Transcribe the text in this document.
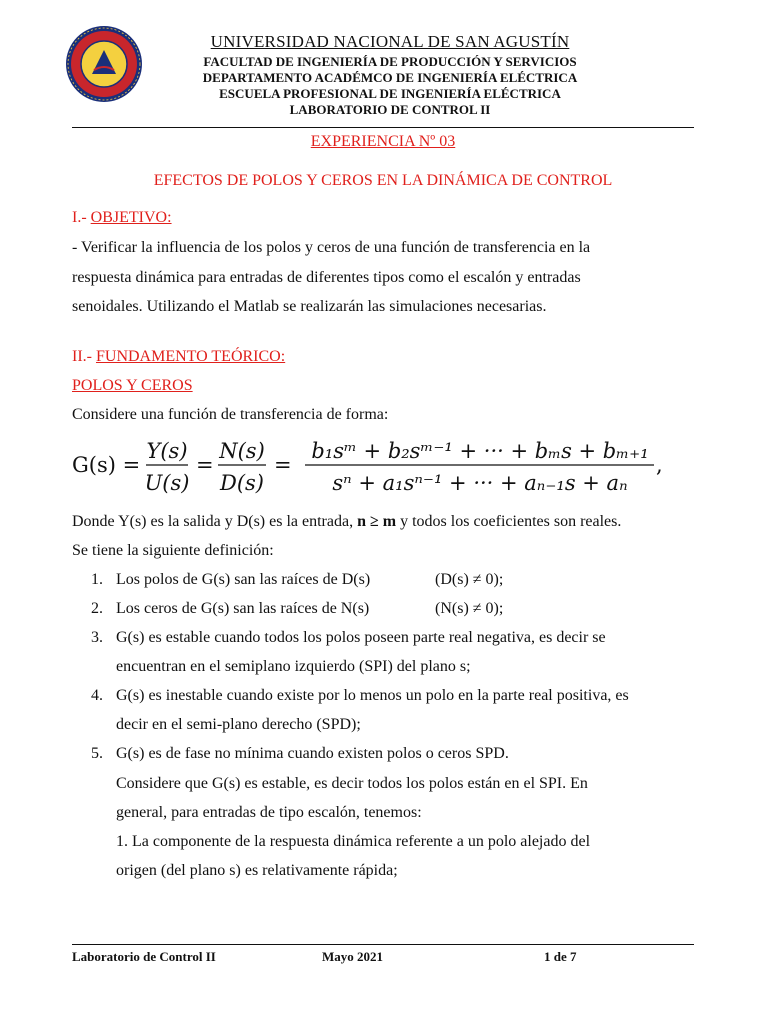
UNIVERSIDAD NACIONAL DE SAN AGUSTÍN
FACULTAD DE INGENIERÍA DE PRODUCCIÓN Y SERVICIOS
DEPARTAMENTO ACADÉMCO DE INGENIERÍA ELÉCTRICA
ESCUELA PROFESIONAL DE INGENIERÍA ELÉCTRICA
LABORATORIO DE CONTROL II
EXPERIENCIA Nº 03
EFECTOS DE POLOS Y CEROS EN LA DINÁMICA DE CONTROL
I.- OBJETIVO:
- Verificar la influencia de los polos y ceros de una función de transferencia en la
respuesta dinámica para entradas de diferentes tipos como el escalón y entradas
senoidales. Utilizando el Matlab se realizarán las simulaciones necesarias.
II.- FUNDAMENTO TEÓRICO:
POLOS Y CEROS
Considere una función de transferencia de forma:
G(s) =
Y(s)
U(s)
=
N(s)
D(s)
=
b₁sᵐ + b₂sᵐ⁻¹ + ··· + bₘs + bₘ₊₁
sⁿ + a₁sⁿ⁻¹ + ··· + aₙ₋₁s + aₙ
,
Donde Y(s) es la salida y D(s) es la entrada, n ≥ m y todos los coeficientes son reales.
Se tiene la siguiente definición:
1. Los polos de G(s) san las raíces de D(s)	(D(s) ≠ 0);
2. Los ceros de G(s) san las raíces de N(s)	(N(s) ≠ 0);
3. G(s) es estable cuando todos los polos poseen parte real negativa, es decir se
encuentran en el semiplano izquierdo (SPI) del plano s;
4. G(s) es inestable cuando existe por lo menos un polo en la parte real positiva, es
decir en el semi-plano derecho (SPD);
5. G(s) es de fase no mínima cuando existen polos o ceros SPD.
Considere que G(s) es estable, es decir todos los polos están en el SPI. En
general, para entradas de tipo escalón, tenemos:
1. La componente de la respuesta dinámica referente a un polo alejado del
origen (del plano s) es relativamente rápida;
Laboratorio de Control II	Mayo 2021	1 de 7
